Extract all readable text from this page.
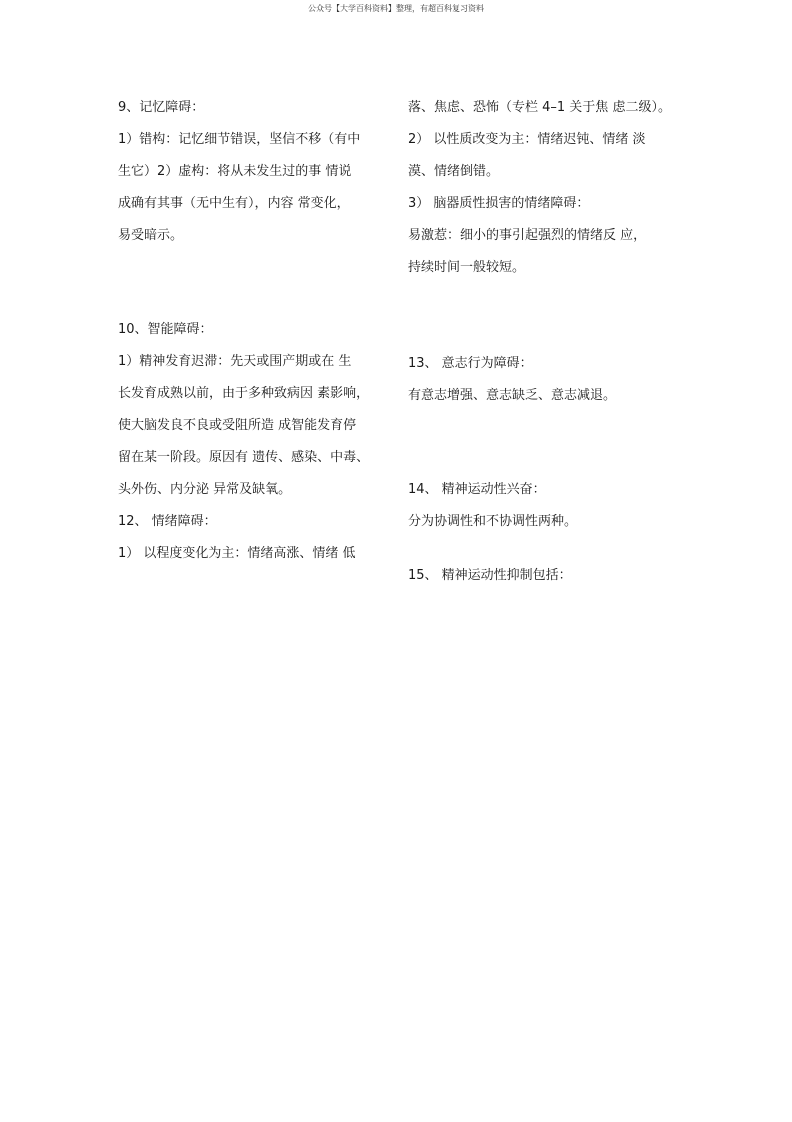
公众号【大学百科资料】整理，有超百科复习资料
9、记忆障碍：
1）错构：记忆细节错误，坚信不移（有中
生它）2）虚构：将从未发生过的事 情说
成确有其事（无中生有），内容 常变化，
易受暗示。
10、智能障碍：
1）精神发育迟滞：先天或围产期或在 生
长发育成熟以前，由于多种致病因 素影响，
使大脑发良不良或受阻所造 成智能发育停
留在某一阶段。原因有 遗传、感染、中毒、
头外伤、内分泌 异常及缺氧。
12、 情绪障碍：
1） 以程度变化为主：情绪高涨、情绪 低
落、焦虑、恐怖（专栏 4–1 关于焦 虑二级）。
2） 以性质改变为主：情绪迟钝、情绪 淡
漠、情绪倒错。
3） 脑器质性损害的情绪障碍：
易激惹：细小的事引起强烈的情绪反 应，
持续时间一般较短。
13、 意志行为障碍：
有意志增强、意志缺乏、意志减退。
14、 精神运动性兴奋：
分为协调性和不协调性两种。
15、 精神运动性抑制包括：
